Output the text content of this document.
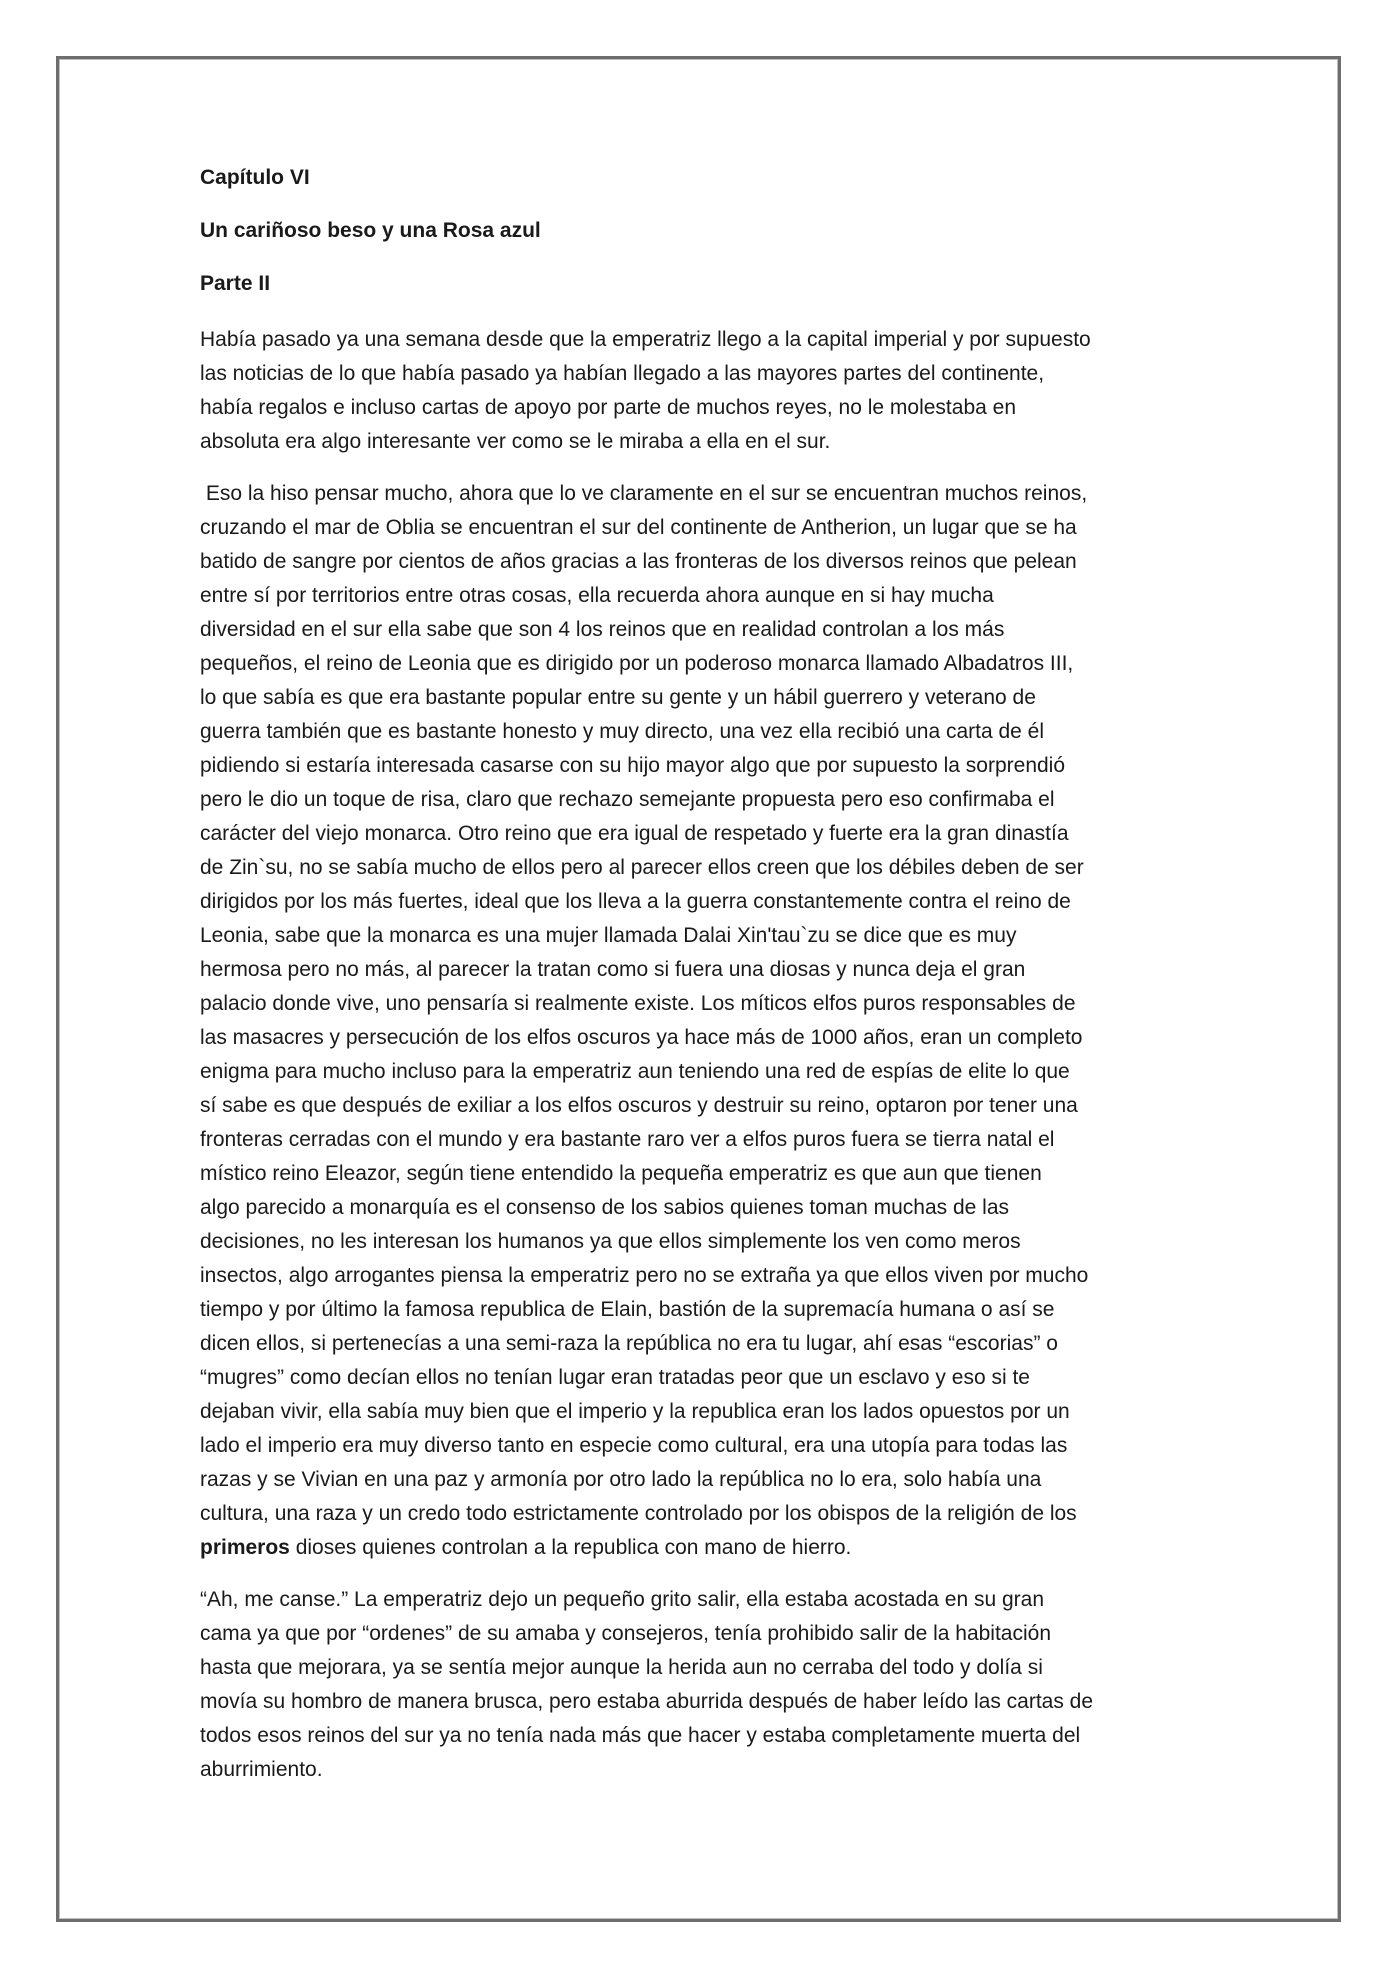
Capítulo VI
Un cariñoso beso y una Rosa azul
Parte II
Había pasado ya una semana desde que la emperatriz llego a la capital imperial y por supuesto
las noticias de lo que había pasado ya habían llegado a las mayores partes del continente,
había regalos e incluso cartas de apoyo por parte de muchos reyes, no le molestaba en
absoluta era algo interesante ver como se le miraba a ella en el sur.
Eso la hiso pensar mucho, ahora que lo ve claramente en el sur se encuentran muchos reinos,
cruzando el mar de Oblia se encuentran el sur del continente de Antherion, un lugar que se ha
batido de sangre por cientos de años gracias a las fronteras de los diversos reinos que pelean
entre sí por territorios entre otras cosas, ella recuerda ahora aunque en si hay mucha
diversidad en el sur ella sabe que son 4 los reinos que en realidad controlan a los más
pequeños, el reino de Leonia que es dirigido por un poderoso monarca llamado Albadatros III,
lo que sabía es que era bastante popular entre su gente y un hábil guerrero y veterano de
guerra también que es bastante honesto y muy directo, una vez ella recibió una carta de él
pidiendo si estaría interesada casarse con su hijo mayor algo que por supuesto la sorprendió
pero le dio un toque de risa, claro que rechazo semejante propuesta pero eso confirmaba el
carácter del viejo monarca. Otro reino que era igual de respetado y fuerte era la gran dinastía
de Zin`su, no se sabía mucho de ellos pero al parecer ellos creen que los débiles deben de ser
dirigidos por los más fuertes, ideal que los lleva a la guerra constantemente contra el reino de
Leonia, sabe que la monarca es una mujer llamada Dalai Xin'tau`zu se dice que es muy
hermosa pero no más, al parecer la tratan como si fuera una diosas y nunca deja el gran
palacio donde vive, uno pensaría si realmente existe. Los míticos elfos puros responsables de
las masacres y persecución de los elfos oscuros ya hace más de 1000 años, eran un completo
enigma para mucho incluso para la emperatriz aun teniendo una red de espías de elite lo que
sí sabe es que después de exiliar a los elfos oscuros y destruir su reino, optaron por tener una
fronteras cerradas con el mundo y era bastante raro ver a elfos puros fuera se tierra natal el
místico reino Eleazor, según tiene entendido la pequeña emperatriz es que aun que tienen
algo parecido a monarquía es el consenso de los sabios quienes toman muchas de las
decisiones, no les interesan los humanos ya que ellos simplemente los ven como meros
insectos, algo arrogantes piensa la emperatriz pero no se extraña ya que ellos viven por mucho
tiempo y por último la famosa republica de Elain, bastión de la supremacía humana o así se
dicen ellos, si pertenecías a una semi-raza la república no era tu lugar, ahí esas “escorias” o
“mugres” como decían ellos no tenían lugar eran tratadas peor que un esclavo y eso si te
dejaban vivir, ella sabía muy bien que el imperio y la republica eran los lados opuestos por un
lado el imperio era muy diverso tanto en especie como cultural, era una utopía para todas las
razas y se Vivian en una paz y armonía por otro lado la república no lo era, solo había una
cultura, una raza y un credo todo estrictamente controlado por los obispos de la religión de los
primeros dioses quienes controlan a la republica con mano de hierro.
“Ah, me canse.” La emperatriz dejo un pequeño grito salir, ella estaba acostada en su gran
cama ya que por “ordenes” de su amaba y consejeros, tenía prohibido salir de la habitación
hasta que mejorara, ya se sentía mejor aunque la herida aun no cerraba del todo y dolía si
movía su hombro de manera brusca, pero estaba aburrida después de haber leído las cartas de
todos esos reinos del sur ya no tenía nada más que hacer y estaba completamente muerta del
aburrimiento.
